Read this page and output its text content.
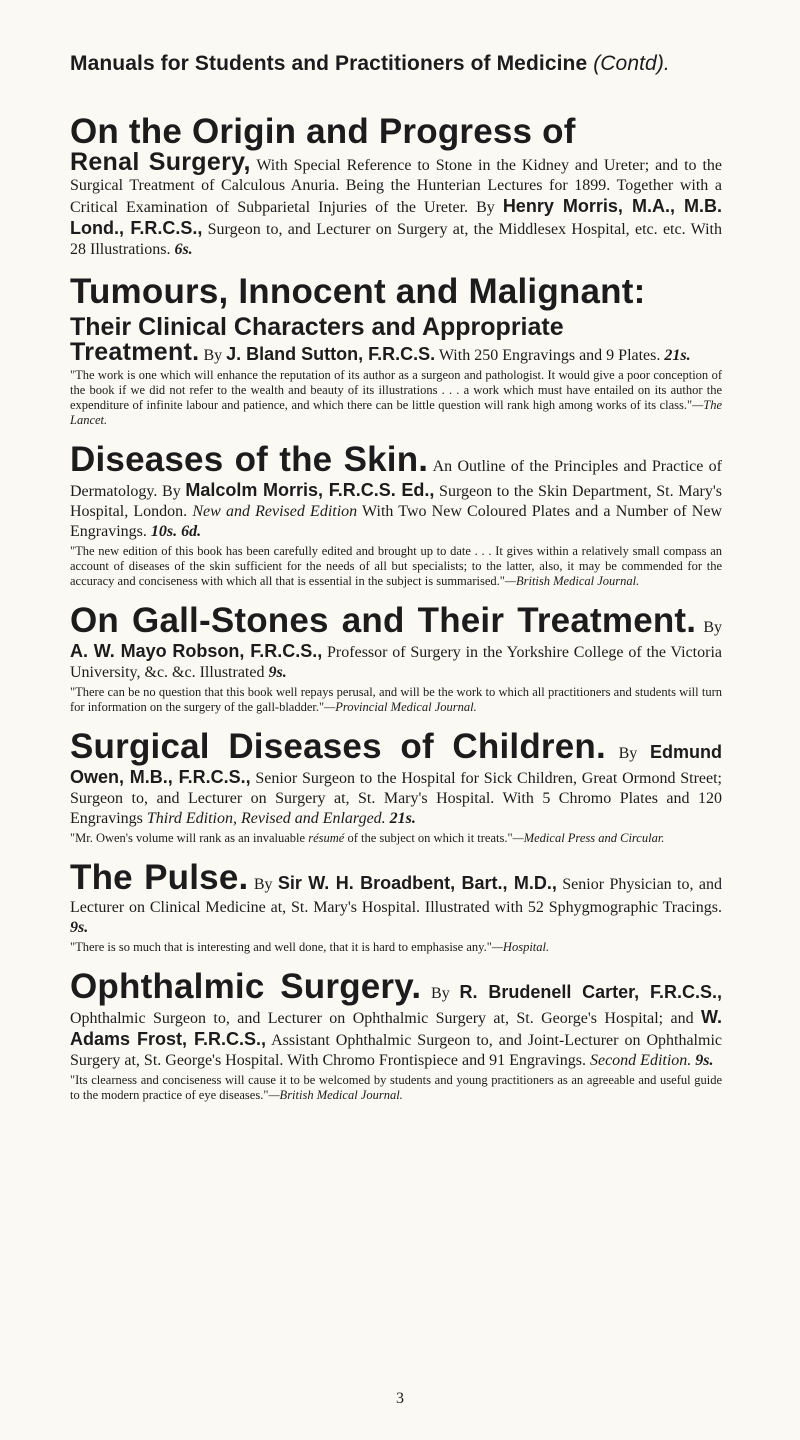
Manuals for Students and Practitioners of Medicine (Contd).
On the Origin and Progress of

Renal Surgery, With Special Reference to Stone in the Kidney and Ureter; and to the Surgical Treatment of Calculous Anuria. Being the Hunterian Lectures for 1899. Together with a Critical Examination of Subparietal Injuries of the Ureter. By Henry Morris, M.A., M.B. Lond., F.R.C.S., Surgeon to, and Lecturer on Surgery at, the Middlesex Hospital, etc. etc. With 28 Illustrations. 6s.

Tumours, Innocent and Malignant:
Their Clinical Characters and Appropriate

Treatment. By J. Bland Sutton, F.R.C.S. With 250 Engravings and 9 Plates. 21s.

"The work is one which will enhance the reputation of its author as a surgeon and pathologist. It would give a poor conception of the book if we did not refer to the wealth and beauty of its illustrations . . . a work which must have entailed on its author the expenditure of infinite labour and patience, and which there can be little question will rank high among works of its class."—The Lancet.

Diseases of the Skin. An Outline of the Principles and Practice of Dermatology. By Malcolm Morris, F.R.C.S. Ed., Surgeon to the Skin Department, St. Mary's Hospital, London. New and Revised Edition With Two New Coloured Plates and a Number of New Engravings. 10s. 6d.

"The new edition of this book has been carefully edited and brought up to date . . . It gives within a relatively small compass an account of diseases of the skin sufficient for the needs of all but specialists; to the latter, also, it may be commended for the accuracy and conciseness with which all that is essential in the subject is summarised."—British Medical Journal.

On Gall-Stones and Their Treatment. By A. W. Mayo Robson, F.R.C.S., Professor of Surgery in the Yorkshire College of the Victoria University, &c. &c. Illustrated 9s.

"There can be no question that this book well repays perusal, and will be the work to which all practitioners and students will turn for information on the surgery of the gall-bladder."—Provincial Medical Journal.

Surgical Diseases of Children. By Edmund Owen, M.B., F.R.C.S., Senior Surgeon to the Hospital for Sick Children, Great Ormond Street; Surgeon to, and Lecturer on Surgery at, St. Mary's Hospital. With 5 Chromo Plates and 120 Engravings Third Edition, Revised and Enlarged. 21s.

"Mr. Owen's volume will rank as an invaluable résumé of the subject on which it treats."—Medical Press and Circular.

The Pulse. By Sir W. H. Broadbent, Bart., M.D., Senior Physician to, and Lecturer on Clinical Medicine at, St. Mary's Hospital. Illustrated with 52 Sphygmographic Tracings. 9s.

"There is so much that is interesting and well done, that it is hard to emphasise any."—Hospital.

Ophthalmic Surgery. By R. Brudenell Carter, F.R.C.S., Ophthalmic Surgeon to, and Lecturer on Ophthalmic Surgery at, St. George's Hospital; and W. Adams Frost, F.R.C.S., Assistant Ophthalmic Surgeon to, and Joint-Lecturer on Ophthalmic Surgery at, St. George's Hospital. With Chromo Frontispiece and 91 Engravings. Second Edition. 9s.

"Its clearness and conciseness will cause it to be welcomed by students and young practitioners as an agreeable and useful guide to the modern practice of eye diseases."—British Medical Journal.

3
